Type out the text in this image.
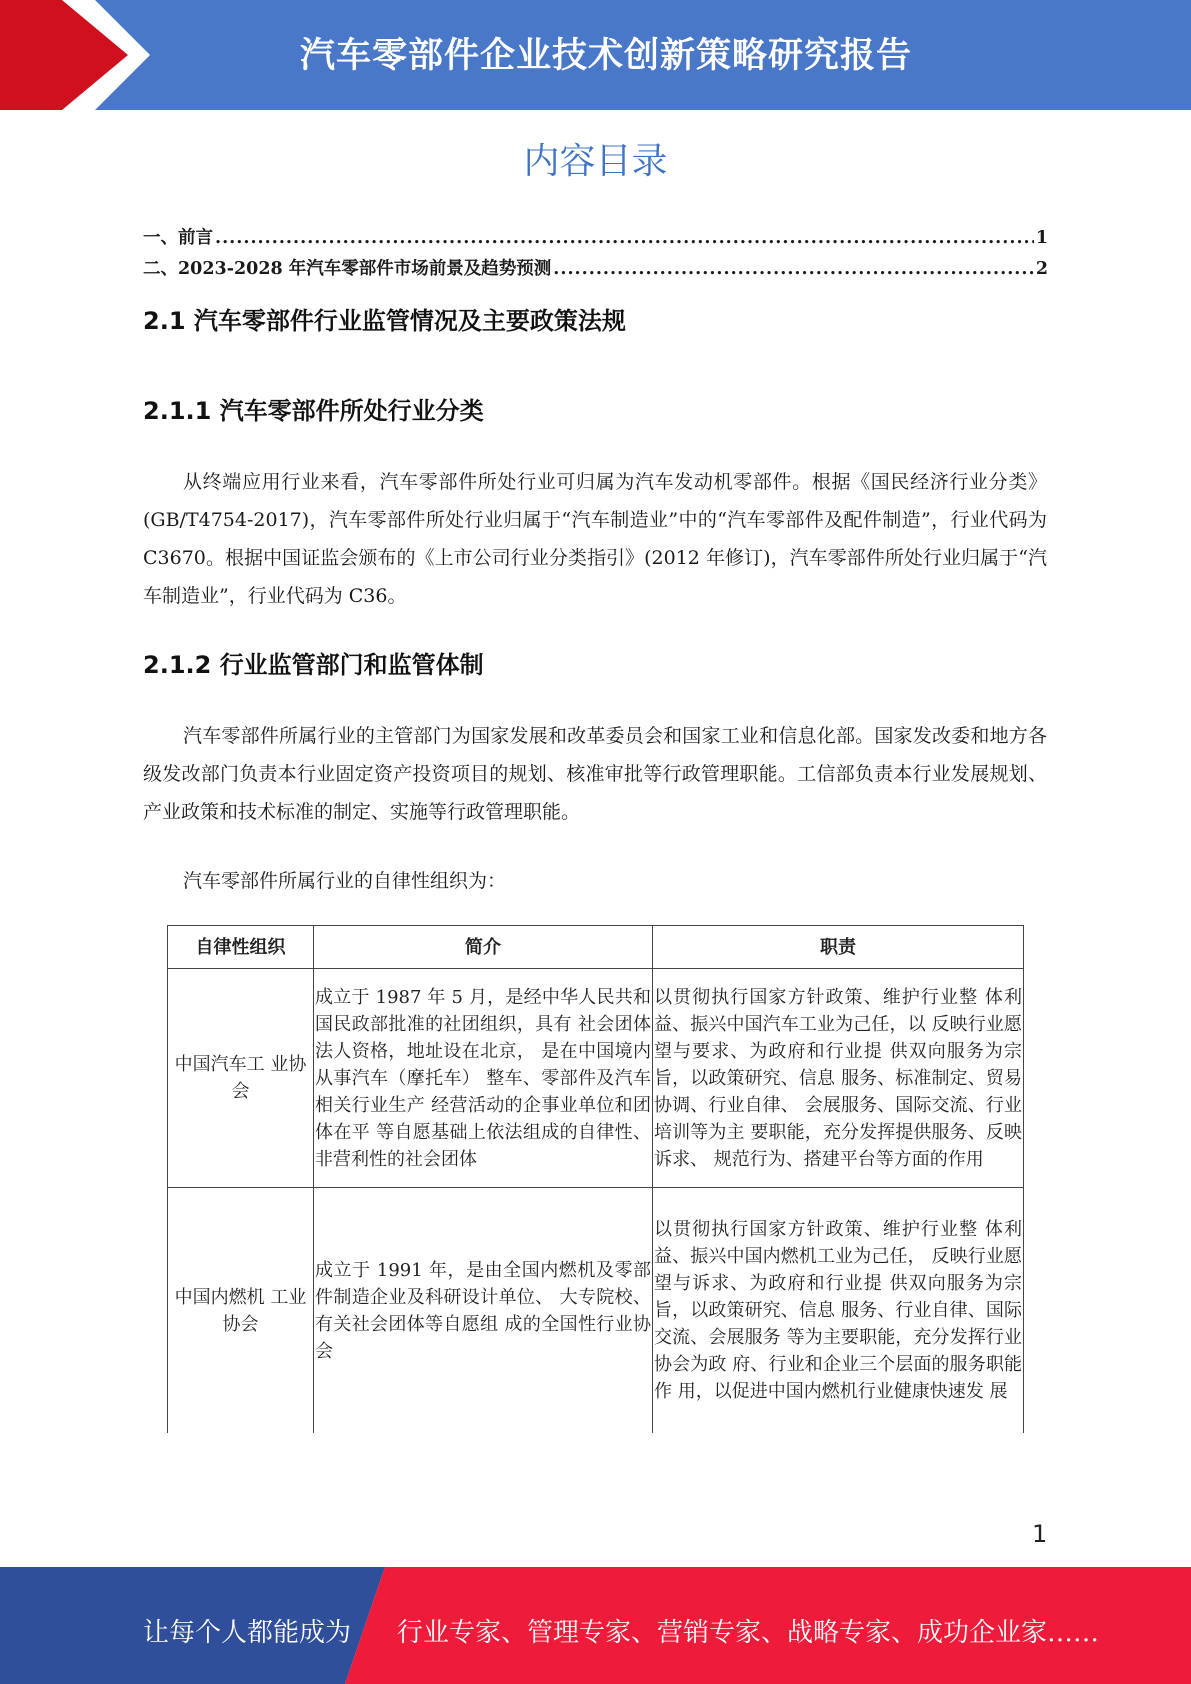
汽车零部件企业技术创新策略研究报告
内容目录
一、前言 .....	1
二、2023-2028 年汽车零部件市场前景及趋势预测 .....	2
2.1 汽车零部件行业监管情况及主要政策法规
2.1.1 汽车零部件所处行业分类
从终端应用行业来看，汽车零部件所处行业可归属为汽车发动机零部件。根据《国民经济行业分类》(GB/T4754-2017)，汽车零部件所处行业归属于“汽车制造业”中的“汽车零部件及配件制造”，行业代码为 C3670。根据中国证监会颁布的《上市公司行业分类指引》(2012 年修订)，汽车零部件所处行业归属于“汽车制造业”，行业代码为 C36。
2.1.2 行业监管部门和监管体制
汽车零部件所属行业的主管部门为国家发展和改革委员会和国家工业和信息化部。国家发改委和地方各级发改部门负责本行业固定资产投资项目的规划、核准审批等行政管理职能。工信部负责本行业发展规划、产业政策和技术标准的制定、实施等行政管理职能。
汽车零部件所属行业的自律性组织为：
自律性组织	简介	职责
中国汽车工 业协会	成立于 1987 年 5 月，是经中华人民共和国民政部批准的社团组织，具有 社会团体法人资格，地址设在北京， 是在中国境内从事汽车（摩托车） 整车、零部件及汽车相关行业生产 经营活动的企事业单位和团体在平 等自愿基础上依法组成的自律性、 非营利性的社会团体	以贯彻执行国家方针政策、维护行业整 体利益、振兴中国汽车工业为己任，以 反映行业愿望与要求、为政府和行业提 供双向服务为宗旨，以政策研究、信息 服务、标准制定、贸易协调、行业自律、 会展服务、国际交流、行业培训等为主 要职能，充分发挥提供服务、反映诉求、 规范行为、搭建平台等方面的作用
中国内燃机 工业协会	成立于 1991 年，是由全国内燃机及零部件制造企业及科研设计单位、 大专院校、有关社会团体等自愿组 成的全国性行业协会	以贯彻执行国家方针政策、维护行业整 体利益、振兴中国内燃机工业为己任， 反映行业愿望与诉求、为政府和行业提 供双向服务为宗旨，以政策研究、信息 服务、行业自律、国际交流、会展服务 等为主要职能，充分发挥行业协会为政 府、行业和企业三个层面的服务职能作 用，以促进中国内燃机行业健康快速发 展
1
让每个人都能成为 行业专家、管理专家、营销专家、战略专家、成功企业家……
